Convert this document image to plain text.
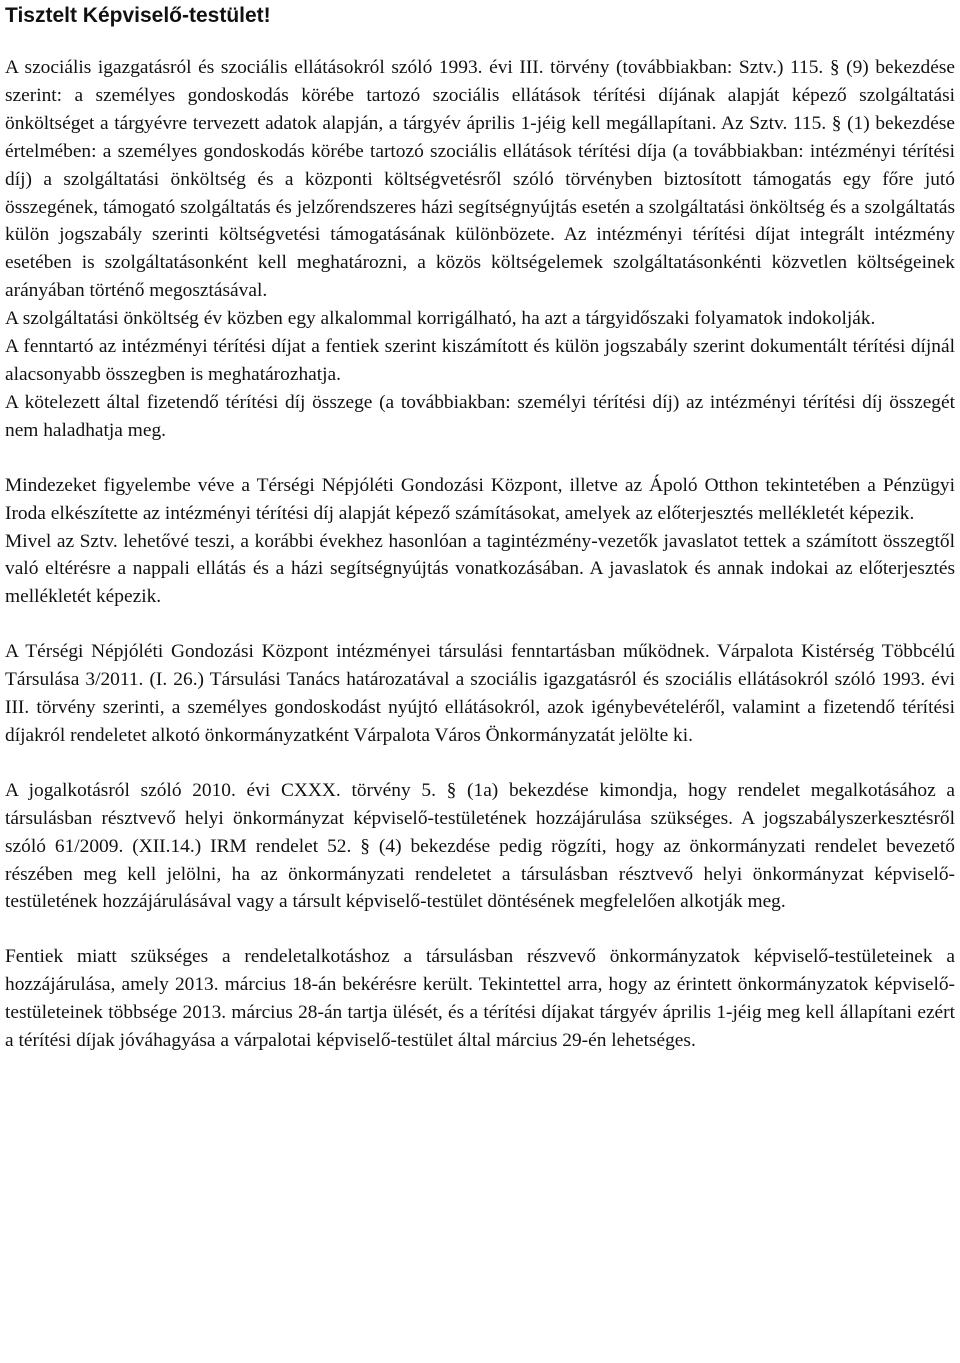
Tisztelt Képviselő-testület!

A szociális igazgatásról és szociális ellátásokról szóló 1993. évi III. törvény (továbbiakban: Sztv.) 115. § (9) bekezdése szerint: a személyes gondoskodás körébe tartozó szociális ellátások térítési díjának alapját képező szolgáltatási önköltséget a tárgyévre tervezett adatok alapján, a tárgyév április 1-jéig kell megállapítani. Az Sztv. 115. § (1) bekezdése értelmében: a személyes gondoskodás körébe tartozó szociális ellátások térítési díja (a továbbiakban: intézményi térítési díj) a szolgáltatási önköltség és a központi költségvetésről szóló törvényben biztosított támogatás egy főre jutó összegének, támogató szolgáltatás és jelzőrendszeres házi segítségnyújtás esetén a szolgáltatási önköltség és a szolgáltatás külön jogszabály szerinti költségvetési támogatásának különbözete. Az intézményi térítési díjat integrált intézmény esetében is szolgáltatásonként kell meghatározni, a közös költségelemek szolgáltatásonkénti közvetlen költségeinek arányában történő megosztásával.

A szolgáltatási önköltség év közben egy alkalommal korrigálható, ha azt a tárgyidőszaki folyamatok indokolják.

A fenntartó az intézményi térítési díjat a fentiek szerint kiszámított és külön jogszabály szerint dokumentált térítési díjnál alacsonyabb összegben is meghatározhatja.

A kötelezett által fizetendő térítési díj összege (a továbbiakban: személyi térítési díj) az intézményi térítési díj összegét nem haladhatja meg.

Mindezeket figyelembe véve a Térségi Népjóléti Gondozási Központ, illetve az Ápoló Otthon tekintetében a Pénzügyi Iroda elkészítette az intézményi térítési díj alapját képező számításokat, amelyek az előterjesztés mellékletét képezik.

Mivel az Sztv. lehetővé teszi, a korábbi évekhez hasonlóan a tagintézmény-vezetők javaslatot tettek a számított összegtől való eltérésre a nappali ellátás és a házi segítségnyújtás vonatkozásában. A javaslatok és annak indokai az előterjesztés mellékletét képezik.

A Térségi Népjóléti Gondozási Központ intézményei társulási fenntartásban működnek. Várpalota Kistérség Többcélú Társulása 3/2011. (I. 26.) Társulási Tanács határozatával a szociális igazgatásról és szociális ellátásokról szóló 1993. évi III. törvény szerinti, a személyes gondoskodást nyújtó ellátásokról, azok igénybevételéről, valamint a fizetendő térítési díjakról rendeletet alkotó önkormányzatként Várpalota Város Önkormányzatát jelölte ki.

A jogalkotásról szóló 2010. évi CXXX. törvény 5. § (1a) bekezdése kimondja, hogy rendelet megalkotásához a társulásban résztvevő helyi önkormányzat képviselő-testületének hozzájárulása szükséges. A jogszabályszerkesztésről szóló 61/2009. (XII.14.) IRM rendelet 52. § (4) bekezdése pedig rögzíti, hogy az önkormányzati rendelet bevezető részében meg kell jelölni, ha az önkormányzati rendeletet a társulásban résztvevő helyi önkormányzat képviselő-testületének hozzájárulásával vagy a társult képviselő-testület döntésének megfelelően alkotják meg.

Fentiek miatt szükséges a rendeletalkotáshoz a társulásban részvevő önkormányzatok képviselő-testületeinek a hozzájárulása, amely 2013. március 18-án bekérésre került. Tekintettel arra, hogy az érintett önkormányzatok képviselő-testületeinek többsége 2013. március 28-án tartja ülését, és a térítési díjakat tárgyév április 1-jéig meg kell állapítani ezért a térítési díjak jóváhagyása a várpalotai képviselő-testület által március 29-én lehetséges.
